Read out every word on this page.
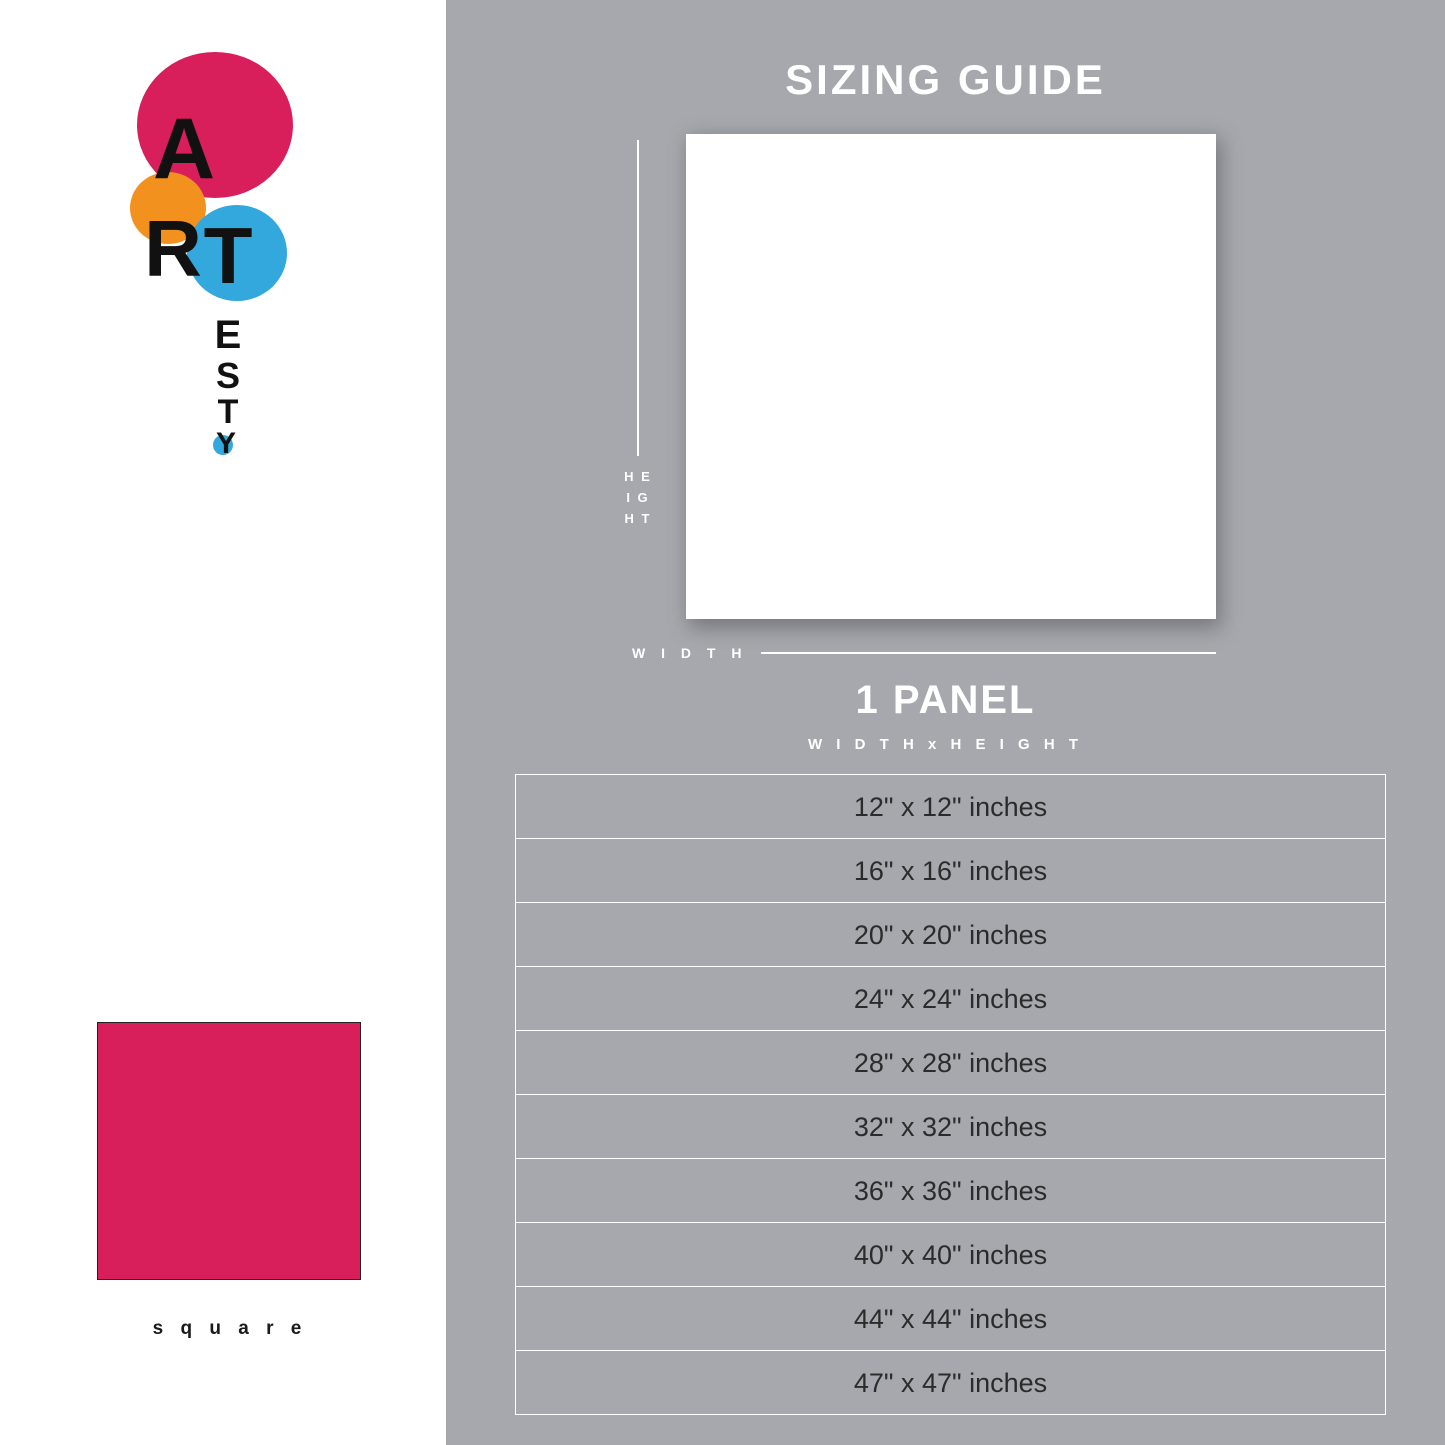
A
R T
E
S
T
Y
s q u a r e
SIZING GUIDE
H E I G H T
W I D T H
1 PANEL
W I D T H x H E I G H T
12" x 12" inches
16" x 16" inches
20" x 20" inches
24" x 24" inches
28" x 28" inches
32" x 32" inches
36" x 36" inches
40" x 40" inches
44" x 44" inches
47" x 47" inches
